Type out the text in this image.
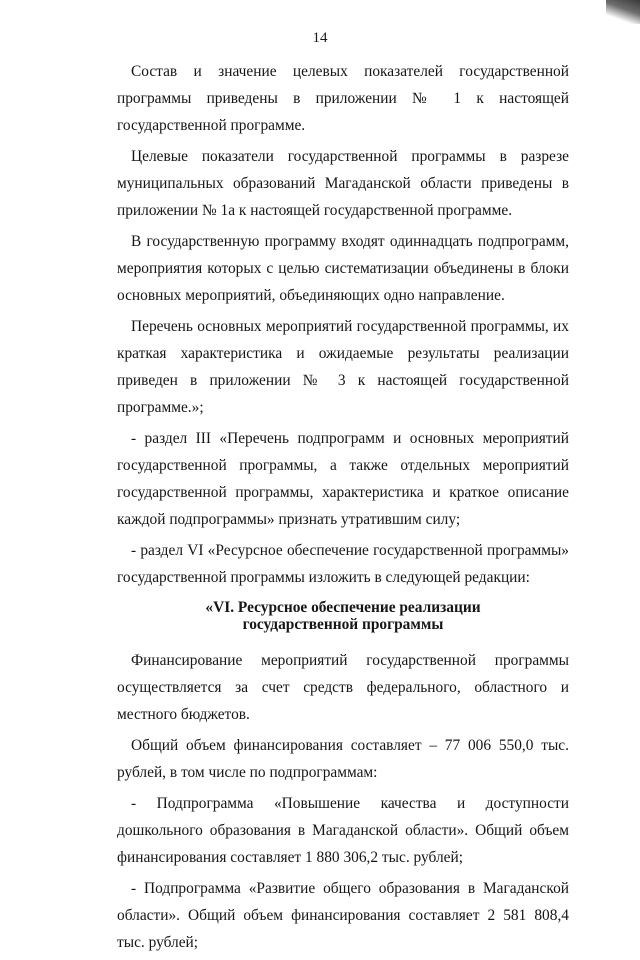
14

Состав и значение целевых показателей государственной программы приведены в приложении № 1 к настоящей государственной программе.

Целевые показатели государственной программы в разрезе муниципальных образований Магаданской области приведены в приложении № 1а к настоящей государственной программе.

В государственную программу входят одиннадцать подпрограмм, мероприятия которых с целью систематизации объединены в блоки основных мероприятий, объединяющих одно направление.

Перечень основных мероприятий государственной программы, их краткая характеристика и ожидаемые результаты реализации приведен в приложении № 3 к настоящей государственной программе.»;

- раздел III «Перечень подпрограмм и основных мероприятий государственной программы, а также отдельных мероприятий государственной программы, характеристика и краткое описание каждой подпрограммы» признать утратившим силу;

- раздел VI «Ресурсное обеспечение государственной программы» государственной программы изложить в следующей редакции:

«VI. Ресурсное обеспечение реализации
государственной программы

Финансирование мероприятий государственной программы осуществляется за счет средств федерального, областного и местного бюджетов.

Общий объем финансирования составляет – 77 006 550,0 тыс. рублей, в том числе по подпрограммам:

- Подпрограмма «Повышение качества и доступности дошкольного образования в Магаданской области». Общий объем финансирования составляет 1 880 306,2 тыс. рублей;

- Подпрограмма «Развитие общего образования в Магаданской области». Общий объем финансирования составляет 2 581 808,4 тыс. рублей;
